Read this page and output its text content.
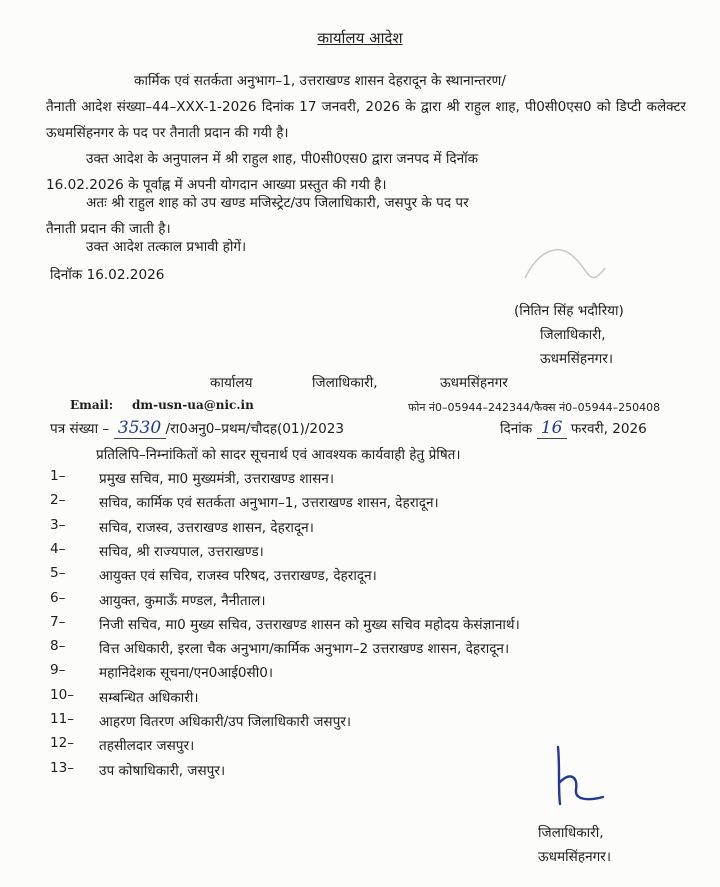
कार्यालय आदेश
कार्मिक एवं सतर्कता अनुभाग–1, उत्तराखण्ड शासन देहरादून के स्थानान्तरण/
तैनाती आदेश संख्या–44–XXX-1-2026 दिनांक 17 जनवरी, 2026 के द्वारा श्री राहुल शाह, पी0सी0एस0 को डिप्टी कलेक्टर ऊधमसिंहनगर के पद पर तैनाती प्रदान की गयी है।
उक्त आदेश के अनुपालन में श्री राहुल शाह, पी0सी0एस0 द्वारा जनपद में दिनॉक
16.02.2026 के पूर्वाह्न में अपनी योगदान आख्या प्रस्तुत की गयी है।
अतः श्री राहुल शाह को उप खण्ड मजिस्ट्रेट/उप जिलाधिकारी, जसपुर के पद पर
तैनाती प्रदान की जाती है।
उक्त आदेश तत्काल प्रभावी होगें।
दिनॉक 16.02.2026
(नितिन सिंह भदौरिया)
जिलाधिकारी,
ऊधमसिंहनगर।
कार्यालय	जिलाधिकारी,	ऊधमसिंहनगर
Email: dm-usn-ua@nic.in	फोन नं0–05944–242344/फैक्स नं0–05944–250408
पत्र संख्या – 3530 /रा0अनु0–प्रथम/चौदह(01)/2023	दिनांक 16 फरवरी, 2026
प्रतिलिपि–निम्नांकितों को सादर सूचनार्थ एवं आवश्यक कार्यवाही हेतु प्रेषित।
1– प्रमुख सचिव, मा0 मुख्यमंत्री, उत्तराखण्ड शासन।
2– सचिव, कार्मिक एवं सतर्कता अनुभाग–1, उत्तराखण्ड शासन, देहरादून।
3– सचिव, राजस्व, उत्तराखण्ड शासन, देहरादून।
4– सचिव, श्री राज्यपाल, उत्तराखण्ड।
5– आयुक्त एवं सचिव, राजस्व परिषद, उत्तराखण्ड, देहरादून।
6– आयुक्त, कुमाऊँ मण्डल, नैनीताल।
7– निजी सचिव, मा0 मुख्य सचिव, उत्तराखण्ड शासन को मुख्य सचिव महोदय केसंज्ञानार्थ।
8– वित्त अधिकारी, इरला चैक अनुभाग/कार्मिक अनुभाग–2 उत्तराखण्ड शासन, देहरादून।
9– महानिदेशक सूचना/एन0आई0सी0।
10– सम्बन्धित अधिकारी।
11– आहरण वितरण अधिकारी/उप जिलाधिकारी जसपुर।
12– तहसीलदार जसपुर।
13– उप कोषाधिकारी, जसपुर।
जिलाधिकारी,
ऊधमसिंहनगर।
